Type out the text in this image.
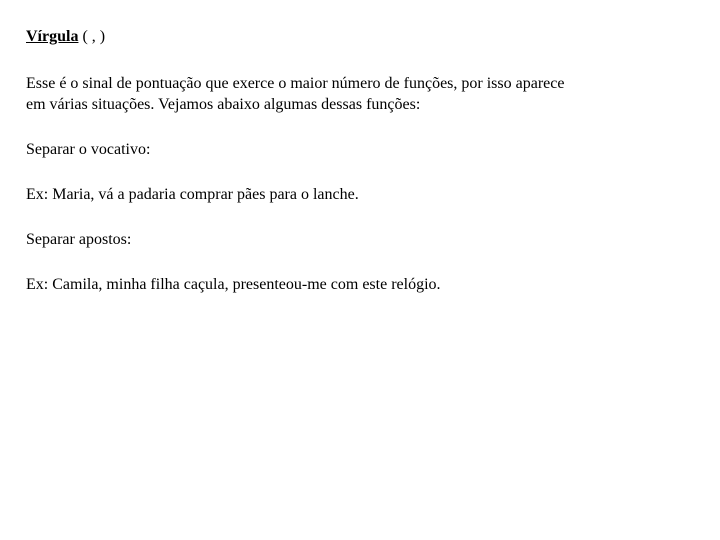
Vírgula ( , )

Esse é o sinal de pontuação que exerce o maior número de funções, por isso aparece
em várias situações. Vejamos abaixo algumas dessas funções:

Separar o vocativo:

Ex: Maria, vá a padaria comprar pães para o lanche.

Separar apostos:

Ex: Camila, minha filha caçula, presenteou-me com este relógio.
